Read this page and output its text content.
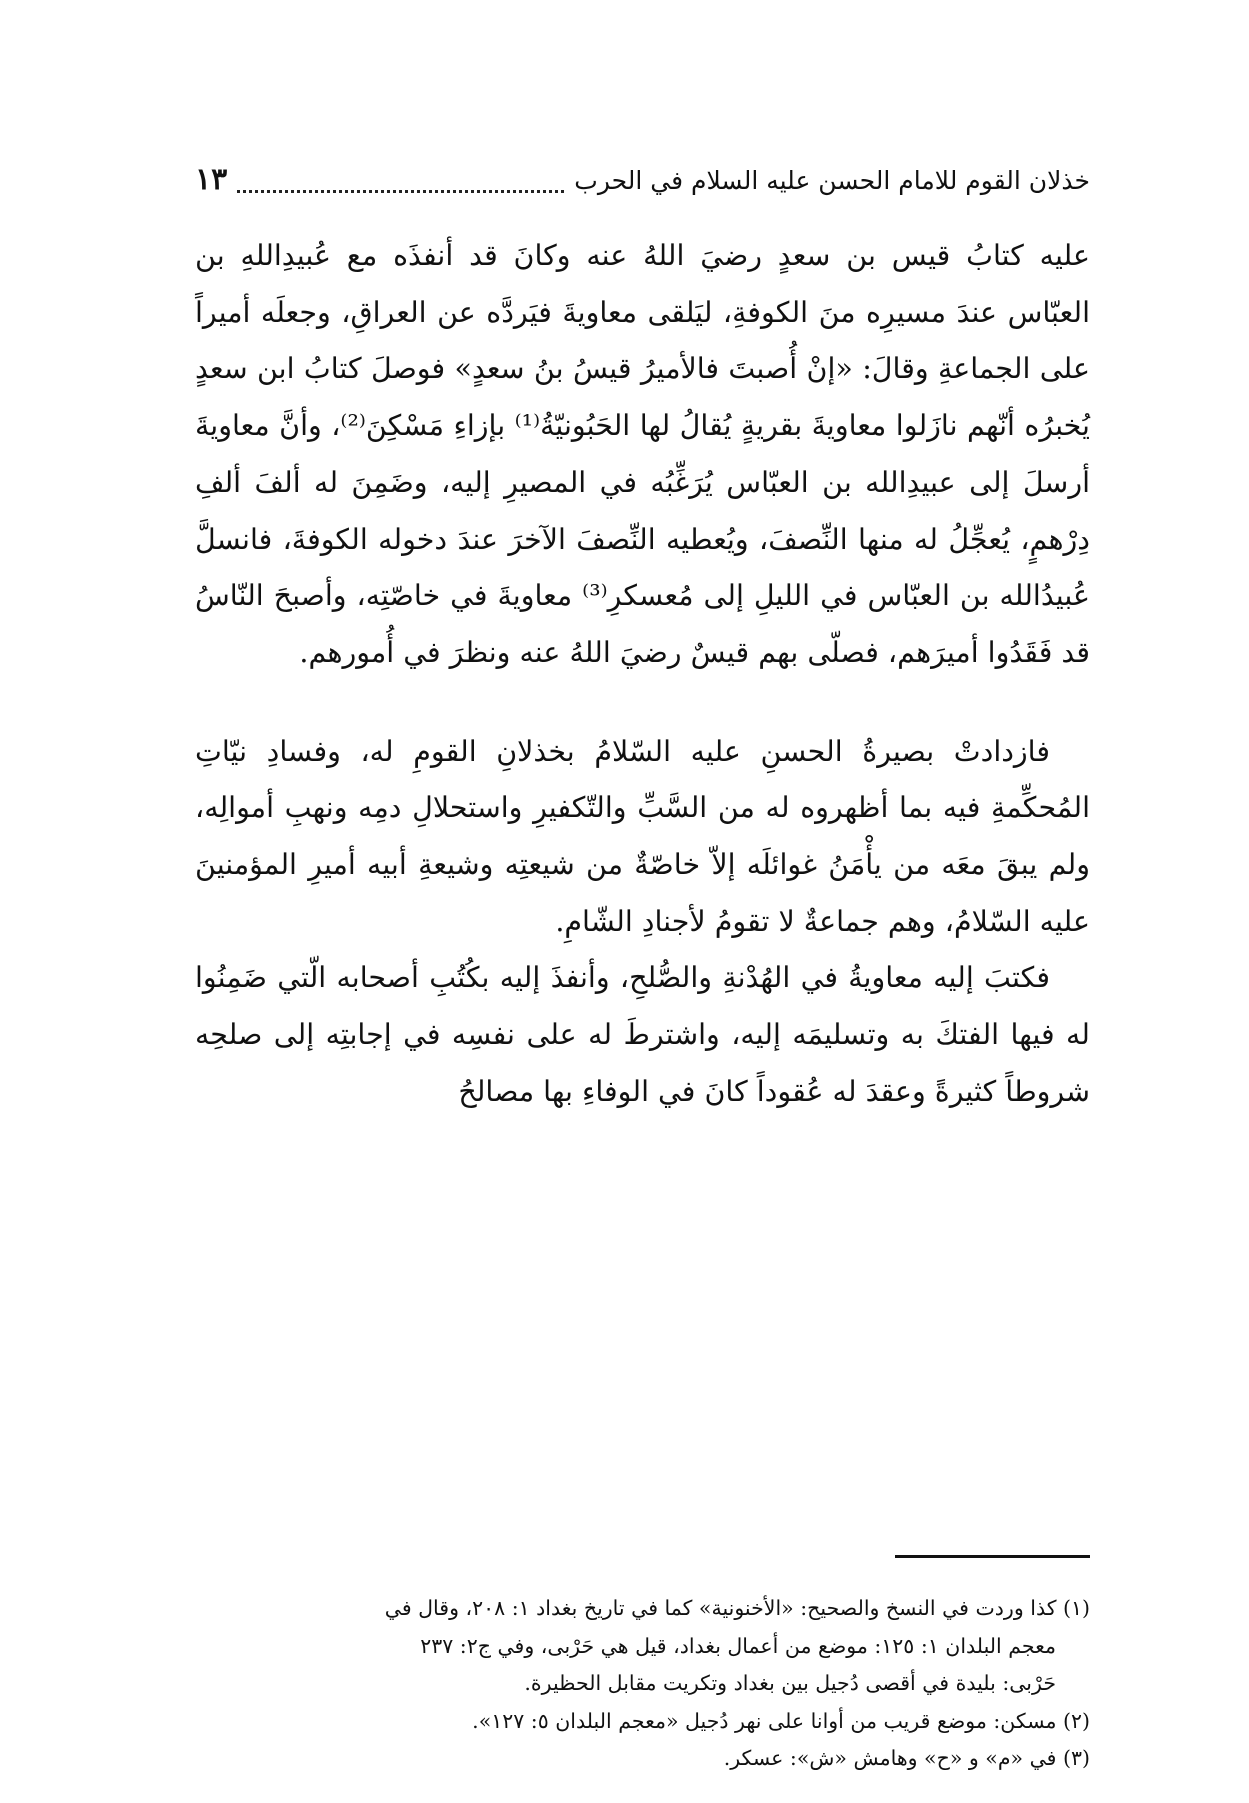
خذلان القوم للامام الحسن عليه السلام في الحرب
١٣

عليه كتابُ قيس بن سعدٍ رضيَ اللهُ عنه وكانَ قد أنفذَه مع عُبيدِاللهِ بن العبّاس عندَ مسيرِه منَ الكوفةِ، ليَلقى معاويةَ فيَردَّه عن العراقِ، وجعلَه أميراً على الجماعةِ وقالَ: «إنْ أُصبتَ فالأميرُ قيسُ بنُ سعدٍ» فوصلَ كتابُ ابن سعدٍ يُخبرُه أنّهم نازَلوا معاويةَ بقريةٍ يُقالُ لها الحَبُونيّةُ⁽¹⁾ بإزاءِ مَسْكِنَ⁽²⁾، وأنَّ معاويةَ أرسلَ إلى عبيدِالله بن العبّاس يُرَغِّبُه في المصيرِ إليه، وضَمِنَ له ألفَ ألفِ دِرْهمٍ، يُعجِّلُ له منها النِّصفَ، ويُعطيه النِّصفَ الآخرَ عندَ دخوله الكوفةَ، فانسلَّ عُبيدُالله بن العبّاس في الليلِ إلى مُعسكرِ⁽³⁾ معاويةَ في خاصّتِه، وأصبحَ النّاسُ قد فَقَدُوا أميرَهم، فصلّى بهم قيسٌ رضيَ اللهُ عنه ونظرَ في أُمورهم.

فازدادتْ بصيرةُ الحسنِ عليه السّلامُ بخذلانِ القومِ له، وفسادِ نيّاتِ المُحكِّمةِ فيه بما أظهروه له من السَّبِّ والتّكفيرِ واستحلالِ دمِه ونهبِ أموالِه، ولم يبقَ معَه من يأْمَنُ غوائلَه إلاّ خاصّةٌ من شيعتِه وشيعةِ أبيه أميرِ المؤمنينَ عليه السّلامُ، وهم جماعةٌ لا تقومُ لأجنادِ الشّامِ.

فكتبَ إليه معاويةُ في الهُدْنةِ والصُّلحِ، وأنفذَ إليه بكُتُبِ أصحابه الّتي ضَمِنُوا له فيها الفتكَ به وتسليمَه إليه، واشترطَ له على نفسِه في إجابتِه إلى صلحِه شروطاً كثيرةً وعقدَ له عُقوداً كانَ في الوفاءِ بها مصالحُ

(١) كذا وردت في النسخ والصحيح: «الأخنونية» كما في تاريخ بغداد ١: ٢٠٨، وقال في

معجم البلدان ١: ١٢٥: موضع من أعمال بغداد، قيل هي حَرْبى، وفي ج٢: ٢٣٧

حَرْبى: بليدة في أقصى دُجيل بين بغداد وتكريت مقابل الحظيرة.

(٢) مسكن: موضع قريب من أوانا على نهر دُجيل «معجم البلدان ٥: ١٢٧».

(٣) في «م» و «ح» وهامش «ش»: عسكر.
